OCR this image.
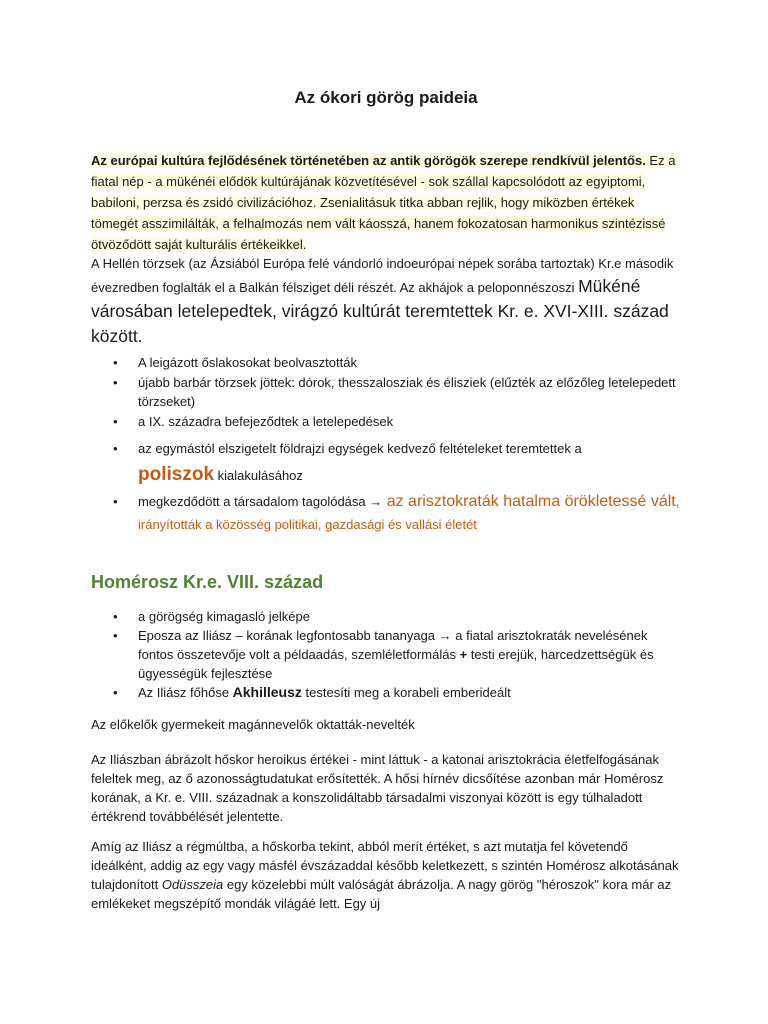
Az ókori görög paideia
Az európai kultúra fejlődésének történetében az antik görögök szerepe rendkívül jelentős. Ez a fiatal nép - a mükénéi elődök kultúrájának közvetítésével - sok szállal kapcsolódott az egyiptomi, babiloni, perzsa és zsidó civilizációhoz. Zsenialitásuk titka abban rejlik, hogy miközben értékek tömegét asszimilálták, a felhalmozás nem vált káosszá, hanem fokozatosan harmonikus szintézissé ötvöződött saját kulturális értékeikkel.
A Hellén törzsek (az Ázsiából Európa felé vándorló indoeurópai népek sorába tartoztak) Kr.e második évezredben foglalták el a Balkán félsziget déli részét. Az akhájok a peloponnészoszi Mükéné városában letelepedtek, virágzó kultúrát teremtettek Kr. e. XVI-XIII. század között.
• A leigázott őslakosokat beolvasztották
• újabb barbár törzsek jöttek: dórok, thesszalosziak és élisziek (elűzték az előzőleg letelepedett törzseket)
• a IX. századra befejeződtek a letelepedések
• az egymástól elszigetelt földrajzi egységek kedvező feltételeket teremtettek a
poliszok kialakulásához
• megkezdődött a társadalom tagolódása → az arisztokraták hatalma örökletessé vált, irányították a közösség politikai, gazdasági és vallási életét
Homérosz Kr.e. VIII. század
• a görögség kimagasló jelképe
• Eposza az Iliász – korának legfontosabb tananyaga → a fiatal arisztokraták nevelésének fontos összetevője volt a példaadás, szemléletformálás + testi erejük, harcedzettségük és ügyességük fejlesztése
• Az Iliász főhőse Akhilleusz testesíti meg a korabeli emberideált
Az előkelők gyermekeit magánnevelők oktatták-nevelték
Az Iliászban ábrázolt hőskor heroikus értékei - mint láttuk - a katonai arisztokrácia életfelfogásának feleltek meg, az ő azonosságtudatukat erősítették. A hősi hírnév dicsőítése azonban már Homérosz korának, a Kr. e. VIII. századnak a konszolidáltabb társadalmi viszonyai között is egy túlhaladott értékrend továbbélését jelentette.
Amíg az Iliász a régmúltba, a hőskorba tekint, abból merít értéket, s azt mutatja fel követendő ideálként, addig az egy vagy másfél évszázaddal később keletkezett, s szintén Homérosz alkotásának tulajdonított Odüsszeia egy közelebbi múlt valóságát ábrázolja. A nagy görög "héroszok" kora már az emlékeket megszépítő mondák világáé lett. Egy új
